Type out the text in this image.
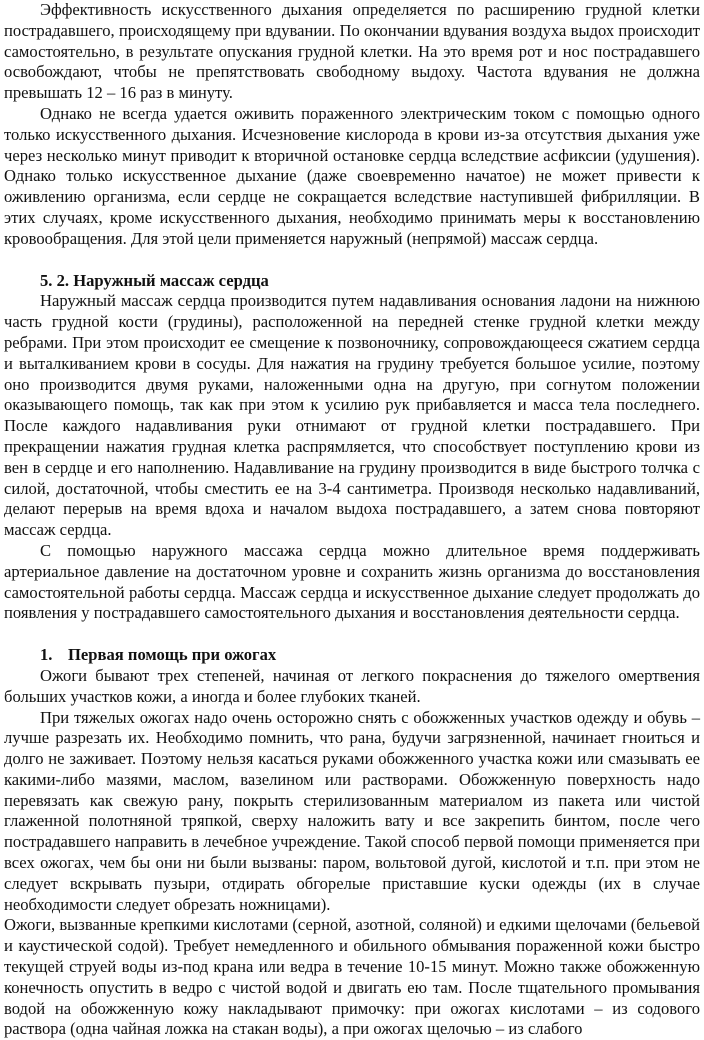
Эффективность искусственного дыхания определяется по расширению грудной клетки пострадавшего, происходящему при вдувании. По окончании вдувания воздуха выдох происходит самостоятельно, в результате опускания грудной клетки. На это время рот и нос пострадавшего освобождают, чтобы не препятствовать свободному выдоху. Частота вдувания не должна превышать 12 – 16 раз в минуту.

Однако не всегда удается оживить пораженного электрическим током с помощью одного только искусственного дыхания. Исчезновение кислорода в крови из-за отсутствия дыхания уже через несколько минут приводит к вторичной остановке сердца вследствие асфиксии (удушения). Однако только искусственное дыхание (даже своевременно начатое) не может привести к оживлению организма, если сердце не сокращается вследствие наступившей фибрилляции. В этих случаях, кроме искусственного дыхания, необходимо принимать меры к восстановлению кровообращения. Для этой цели применяется наружный (непрямой) массаж сердца.

5. 2. Наружный массаж сердца

Наружный массаж сердца производится путем надавливания основания ладони на нижнюю часть грудной кости (грудины), расположенной на передней стенке грудной клетки между ребрами. При этом происходит ее смещение к позвоночнику, сопровождающееся сжатием сердца и выталкиванием крови в сосуды. Для нажатия на грудину требуется большое усилие, поэтому оно производится двумя руками, наложенными одна на другую, при согнутом положении оказывающего помощь, так как при этом к усилию рук прибавляется и масса тела последнего. После каждого надавливания руки отнимают от грудной клетки пострадавшего. При прекращении нажатия грудная клетка распрямляется, что способствует поступлению крови из вен в сердце и его наполнению. Надавливание на грудину производится в виде быстрого толчка с силой, достаточной, чтобы сместить ее на 3-4 сантиметра. Производя несколько надавливаний, делают перерыв на время вдоха и началом выдоха пострадавшего, а затем снова повторяют массаж сердца.

С помощью наружного массажа сердца можно длительное время поддерживать артериальное давление на достаточном уровне и сохранить жизнь организма до восстановления самостоятельной работы сердца. Массаж сердца и искусственное дыхание следует продолжать до появления у пострадавшего самостоятельного дыхания и восстановления деятельности сердца.

1. Первая помощь при ожогах

Ожоги бывают трех степеней, начиная от легкого покраснения до тяжелого омертвения больших участков кожи, а иногда и более глубоких тканей.

При тяжелых ожогах надо очень осторожно снять с обожженных участков одежду и обувь – лучше разрезать их. Необходимо помнить, что рана, будучи загрязненной, начинает гноиться и долго не заживает. Поэтому нельзя касаться руками обожженного участка кожи или смазывать ее какими-либо мазями, маслом, вазелином или растворами. Обожженную поверхность надо перевязать как свежую рану, покрыть стерилизованным материалом из пакета или чистой глаженной полотняной тряпкой, сверху наложить вату и все закрепить бинтом, после чего пострадавшего направить в лечебное учреждение. Такой способ первой помощи применяется при всех ожогах, чем бы они ни были вызваны: паром, вольтовой дугой, кислотой и т.п. при этом не следует вскрывать пузыри, отдирать обгорелые приставшие куски одежды (их в случае необходимости следует обрезать ножницами).

Ожоги, вызванные крепкими кислотами (серной, азотной, соляной) и едкими щелочами (бельевой и каустической содой). Требует немедленного и обильного обмывания пораженной кожи быстро текущей струей воды из-под крана или ведра в течение 10-15 минут. Можно также обожженную конечность опустить в ведро с чистой водой и двигать ею там. После тщательного промывания водой на обожженную кожу накладывают примочку: при ожогах кислотами – из содового раствора (одна чайная ложка на стакан воды), а при ожогах щелочью – из слабого
